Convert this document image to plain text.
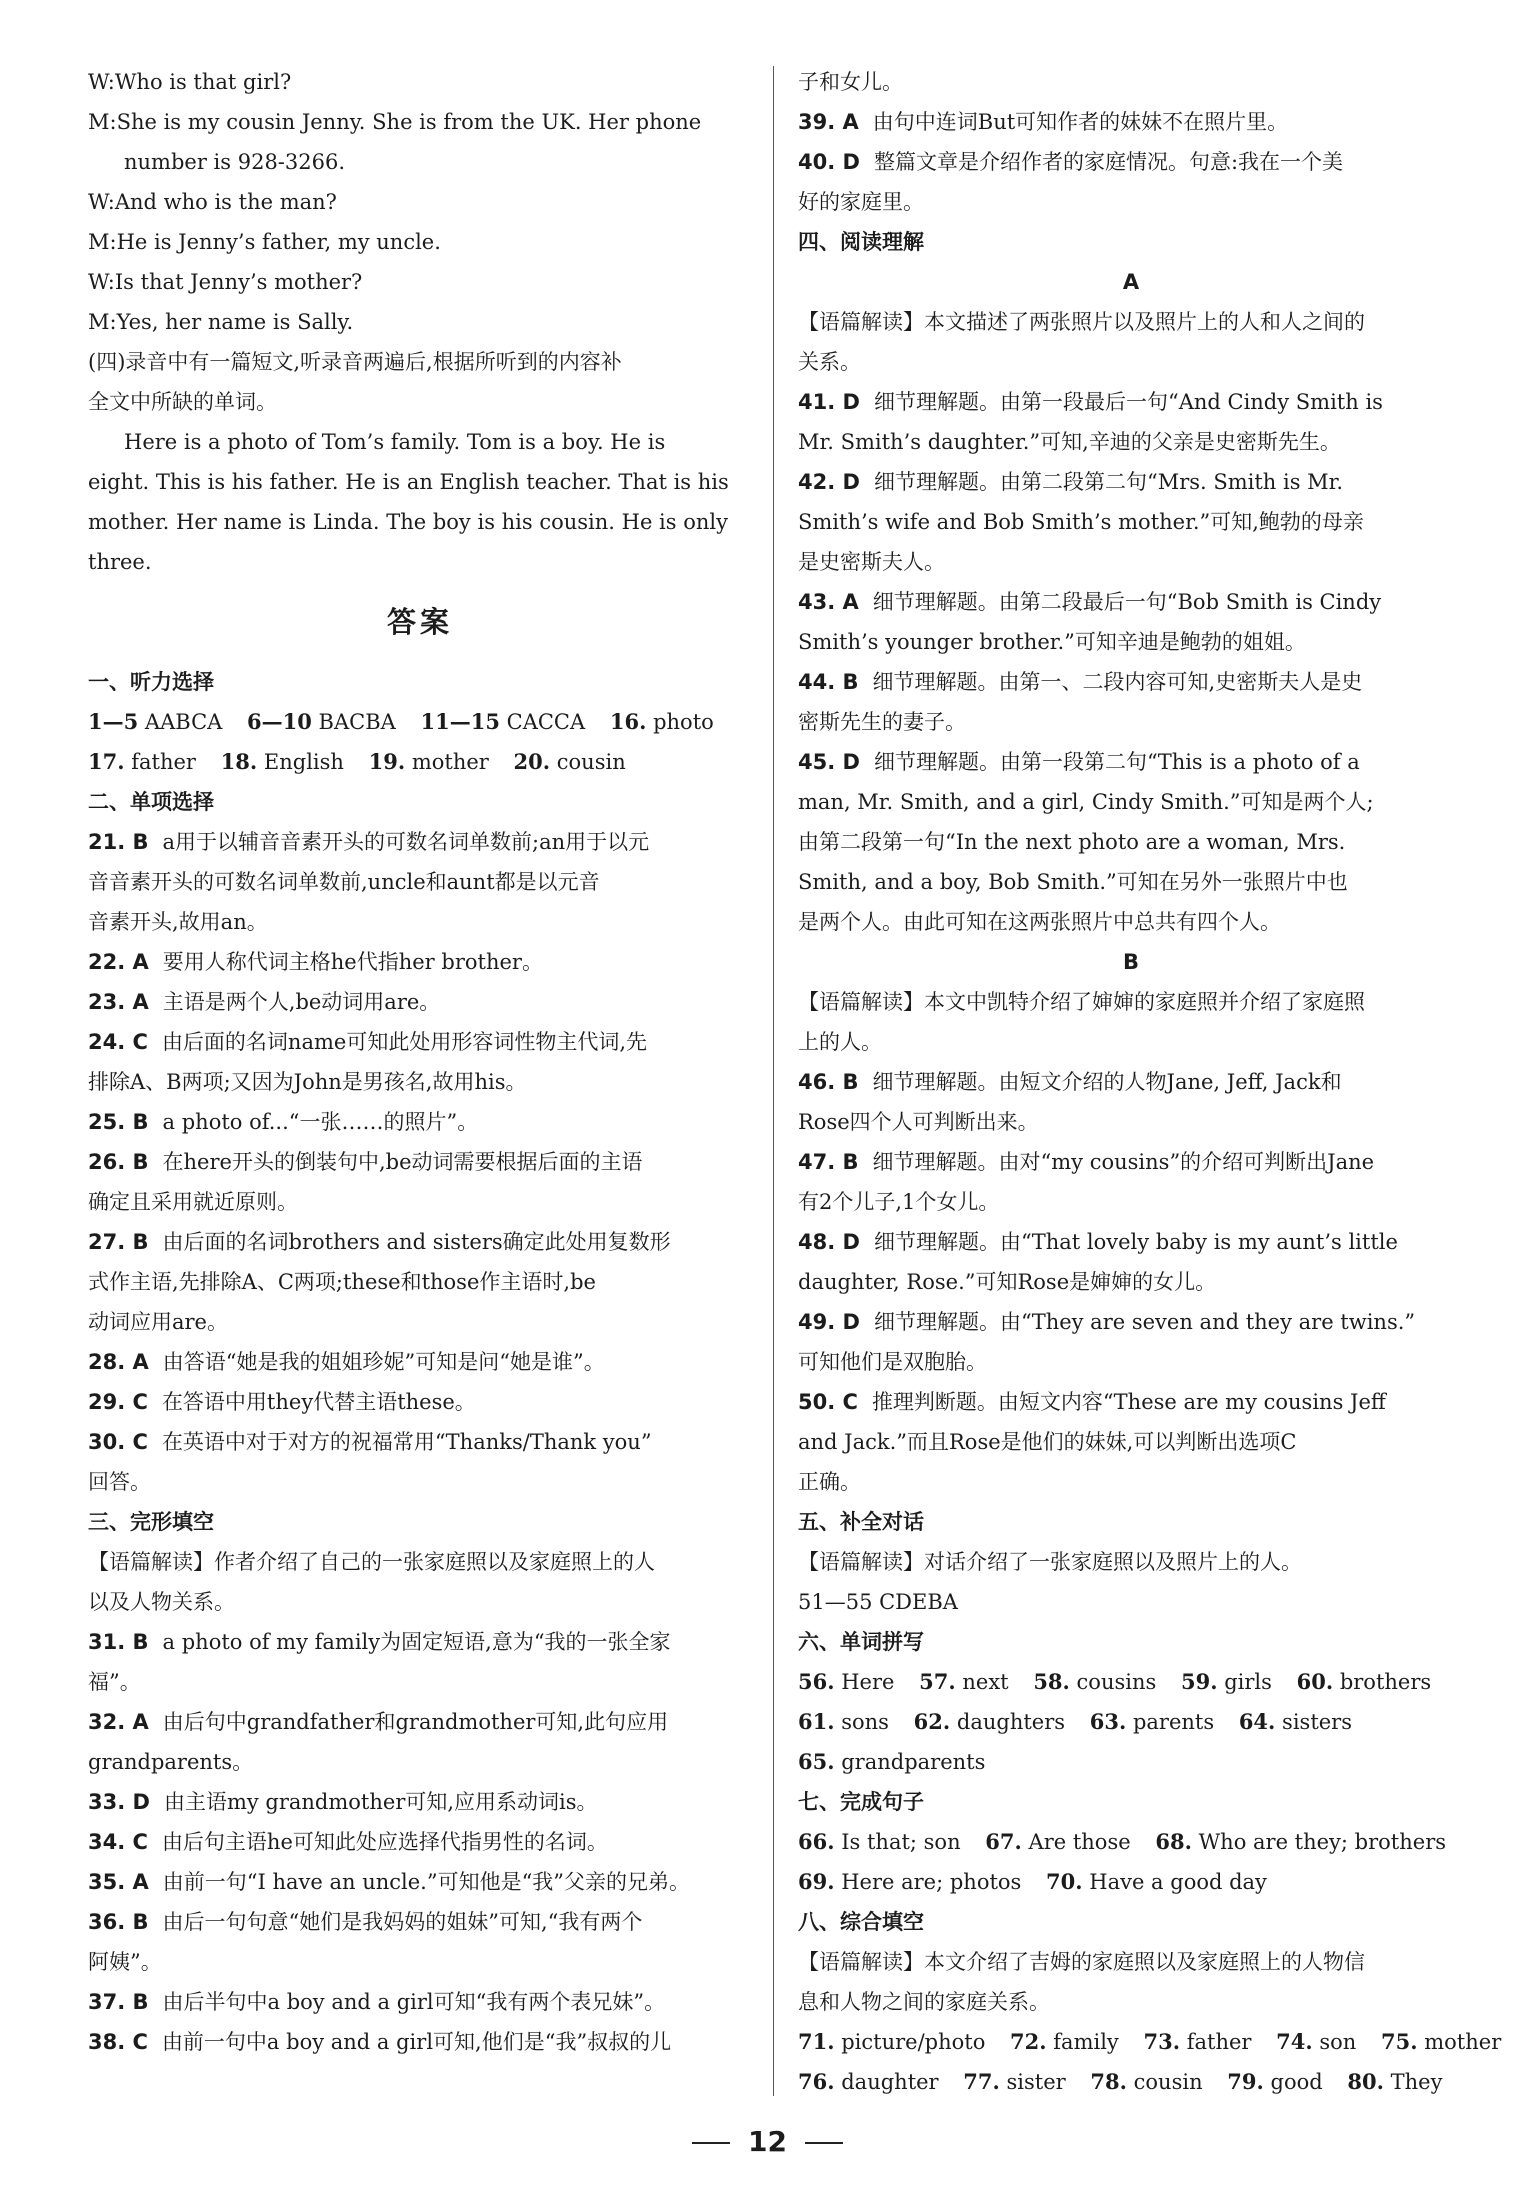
W:Who is that girl?
M:She is my cousin Jenny. She is from the UK. Her phone
number is 928-3266.
W:And who is the man?
M:He is Jenny’s father, my uncle.
W:Is that Jenny’s mother?
M:Yes, her name is Sally.
(四)录音中有一篇短文,听录音两遍后,根据所听到的内容补
全文中所缺的单词。
Here is a photo of Tom’s family. Tom is a boy. He is
eight. This is his father. He is an English teacher. That is his
mother. Her name is Linda. The boy is his cousin. He is only
three.
答案
一、听力选择
1—5 AABCA 6—10 BACBA 11—15 CACCA 16. photo
17. father 18. English 19. mother 20. cousin
二、单项选择
21. B a用于以辅音音素开头的可数名词单数前;an用于以元
音音素开头的可数名词单数前,uncle和aunt都是以元音
音素开头,故用an。
22. A 要用人称代词主格he代指her brother。
23. A 主语是两个人,be动词用are。
24. C 由后面的名词name可知此处用形容词性物主代词,先
排除A、B两项;又因为John是男孩名,故用his。
25. B a photo of...“一张……的照片”。
26. B 在here开头的倒装句中,be动词需要根据后面的主语
确定且采用就近原则。
27. B 由后面的名词brothers and sisters确定此处用复数形
式作主语,先排除A、C两项;these和those作主语时,be
动词应用are。
28. A 由答语“她是我的姐姐珍妮”可知是问“她是谁”。
29. C 在答语中用they代替主语these。
30. C 在英语中对于对方的祝福常用“Thanks/Thank you”
回答。
三、完形填空
【语篇解读】作者介绍了自己的一张家庭照以及家庭照上的人
以及人物关系。
31. B a photo of my family为固定短语,意为“我的一张全家
福”。
32. A 由后句中grandfather和grandmother可知,此句应用
grandparents。
33. D 由主语my grandmother可知,应用系动词is。
34. C 由后句主语he可知此处应选择代指男性的名词。
35. A 由前一句“I have an uncle.”可知他是“我”父亲的兄弟。
36. B 由后一句句意“她们是我妈妈的姐妹”可知,“我有两个
阿姨”。
37. B 由后半句中a boy and a girl可知“我有两个表兄妹”。
38. C 由前一句中a boy and a girl可知,他们是“我”叔叔的儿
子和女儿。
39. A 由句中连词But可知作者的妹妹不在照片里。
40. D 整篇文章是介绍作者的家庭情况。句意:我在一个美
好的家庭里。
四、阅读理解
A
【语篇解读】本文描述了两张照片以及照片上的人和人之间的
关系。
41. D 细节理解题。由第一段最后一句“And Cindy Smith is
Mr. Smith’s daughter.”可知,辛迪的父亲是史密斯先生。
42. D 细节理解题。由第二段第二句“Mrs. Smith is Mr.
Smith’s wife and Bob Smith’s mother.”可知,鲍勃的母亲
是史密斯夫人。
43. A 细节理解题。由第二段最后一句“Bob Smith is Cindy
Smith’s younger brother.”可知辛迪是鲍勃的姐姐。
44. B 细节理解题。由第一、二段内容可知,史密斯夫人是史
密斯先生的妻子。
45. D 细节理解题。由第一段第二句“This is a photo of a
man, Mr. Smith, and a girl, Cindy Smith.”可知是两个人;
由第二段第一句“In the next photo are a woman, Mrs.
Smith, and a boy, Bob Smith.”可知在另外一张照片中也
是两个人。由此可知在这两张照片中总共有四个人。
B
【语篇解读】本文中凯特介绍了婶婶的家庭照并介绍了家庭照
上的人。
46. B 细节理解题。由短文介绍的人物Jane, Jeff, Jack和
Rose四个人可判断出来。
47. B 细节理解题。由对“my cousins”的介绍可判断出Jane
有2个儿子,1个女儿。
48. D 细节理解题。由“That lovely baby is my aunt’s little
daughter, Rose.”可知Rose是婶婶的女儿。
49. D 细节理解题。由“They are seven and they are twins.”
可知他们是双胞胎。
50. C 推理判断题。由短文内容“These are my cousins Jeff
and Jack.”而且Rose是他们的妹妹,可以判断出选项C
正确。
五、补全对话
【语篇解读】对话介绍了一张家庭照以及照片上的人。
51—55 CDEBA
六、单词拼写
56. Here 57. next 58. cousins 59. girls 60. brothers
61. sons 62. daughters 63. parents 64. sisters
65. grandparents
七、完成句子
66. Is that; son 67. Are those 68. Who are they; brothers
69. Here are; photos 70. Have a good day
八、综合填空
【语篇解读】本文介绍了吉姆的家庭照以及家庭照上的人物信
息和人物之间的家庭关系。
71. picture/photo 72. family 73. father 74. son 75. mother
76. daughter 77. sister 78. cousin 79. good 80. They
12
